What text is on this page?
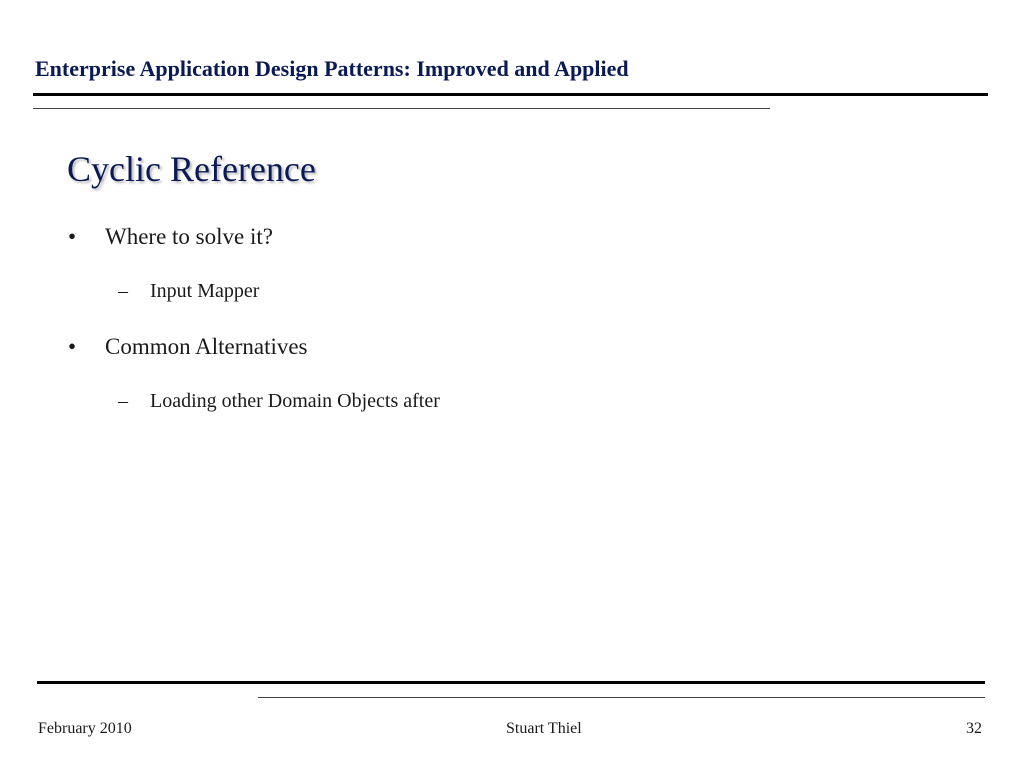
Enterprise Application Design Patterns: Improved and Applied
Cyclic Reference
• Where to solve it?
– Input Mapper
• Common Alternatives
– Loading other Domain Objects after
February 2010	Stuart Thiel	32
